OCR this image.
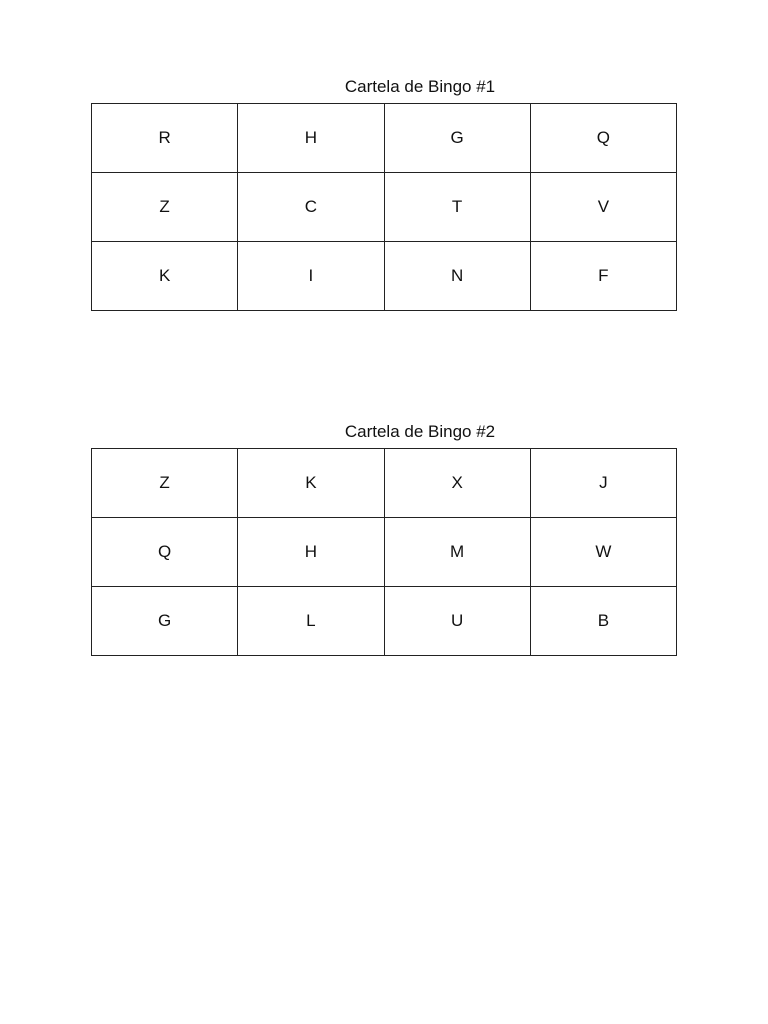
Cartela de Bingo #1
R	H	G	Q
Z	C	T	V
K	I	N	F
Cartela de Bingo #2
Z	K	X	J
Q	H	M	W
G	L	U	B
